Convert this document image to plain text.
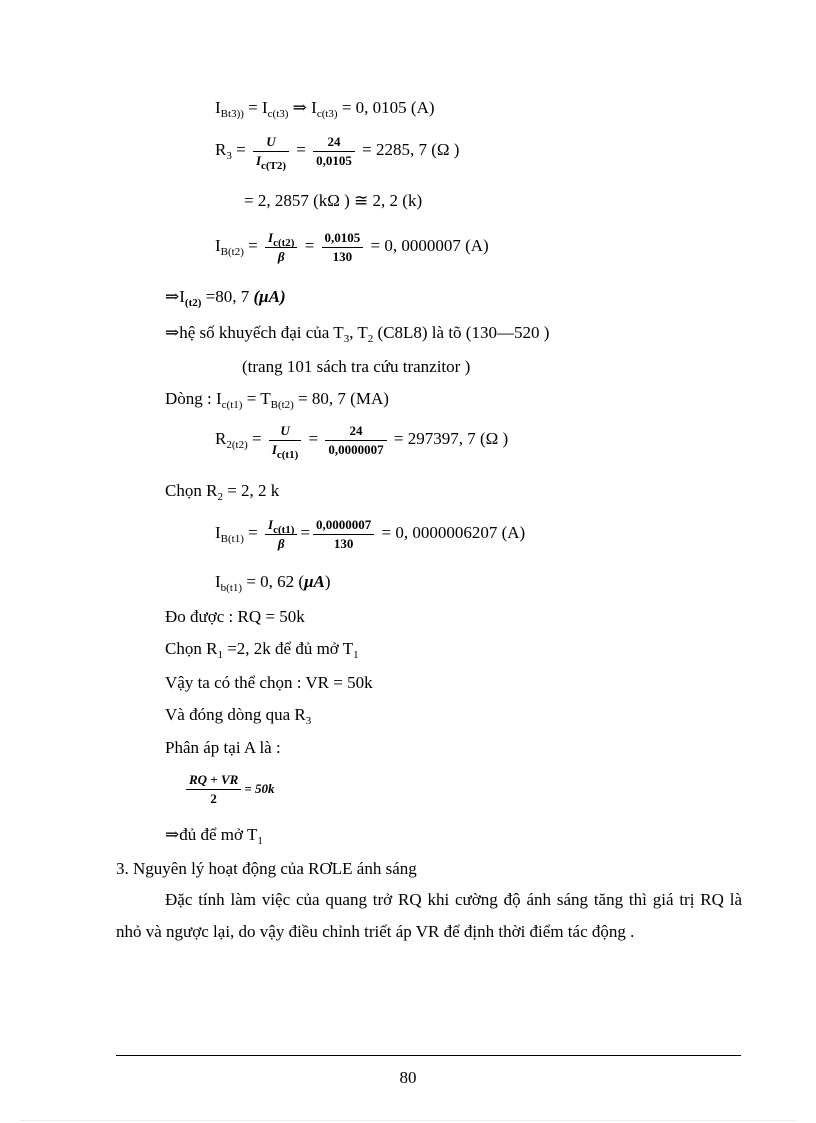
$I_{Bt3))} = I_{c(t3)}$ ⇒ $I_{c(t3)} = 0$, 0105 (A)
$R_3 = \frac{U}{I_{c(T2)}} = \frac{24}{0,0105} = 2285$, 7 (Ω )
= 2, 2857 (kΩ ) ≅ 2, 2 (k)
$I_{B(t2)} = \frac{I_{c(t2)}}{\beta} = \frac{0,0105}{130} = 0$, 0000007 (A)
$\Rightarrow I_{(t2)} =80$, 7 (μA)
⇒hệ số khuyếch đại của $T_3$, $T_2$ (C8L8) là tõ (130—520 )
(trang 101 sách tra cứu tranzitor )
Dòng : $I_{c(t1)} = T_{B(t2)} = 80$, 7 (MA)
$R_{2(t2)} = \frac{U}{I_{c(t1)}} = \frac{24}{0,0000007} = 297397$, 7 (Ω )
Chọn $R_2 = 2$, 2 k
$I_{B(t1)} = \frac{I_{c(t1)}}{\beta} = \frac{0,0000007}{130} = 0$, 0000006207 (A)
$I_{b(t1)} = 0$, 62 (μA)
Đo được : RQ = 50k
Chọn $R_1 =2$, 2k để đủ mở $T_1$
Vậy ta có thể chọn : VR = 50k
Và đóng dòng qua $R_3$
Phân áp tại A là :
$\frac{RQ + VR}{2} = 50k$
⇒đủ để mở $T_1$
3. Nguyên lý hoạt động của RƠLE ánh sáng
Đặc tính làm việc của quang trở RQ khi cường độ ánh sáng tăng thì giá trị RQ là nhỏ và ngược lại, do vậy điều chỉnh triết áp VR để định thời điểm tác động .
80
